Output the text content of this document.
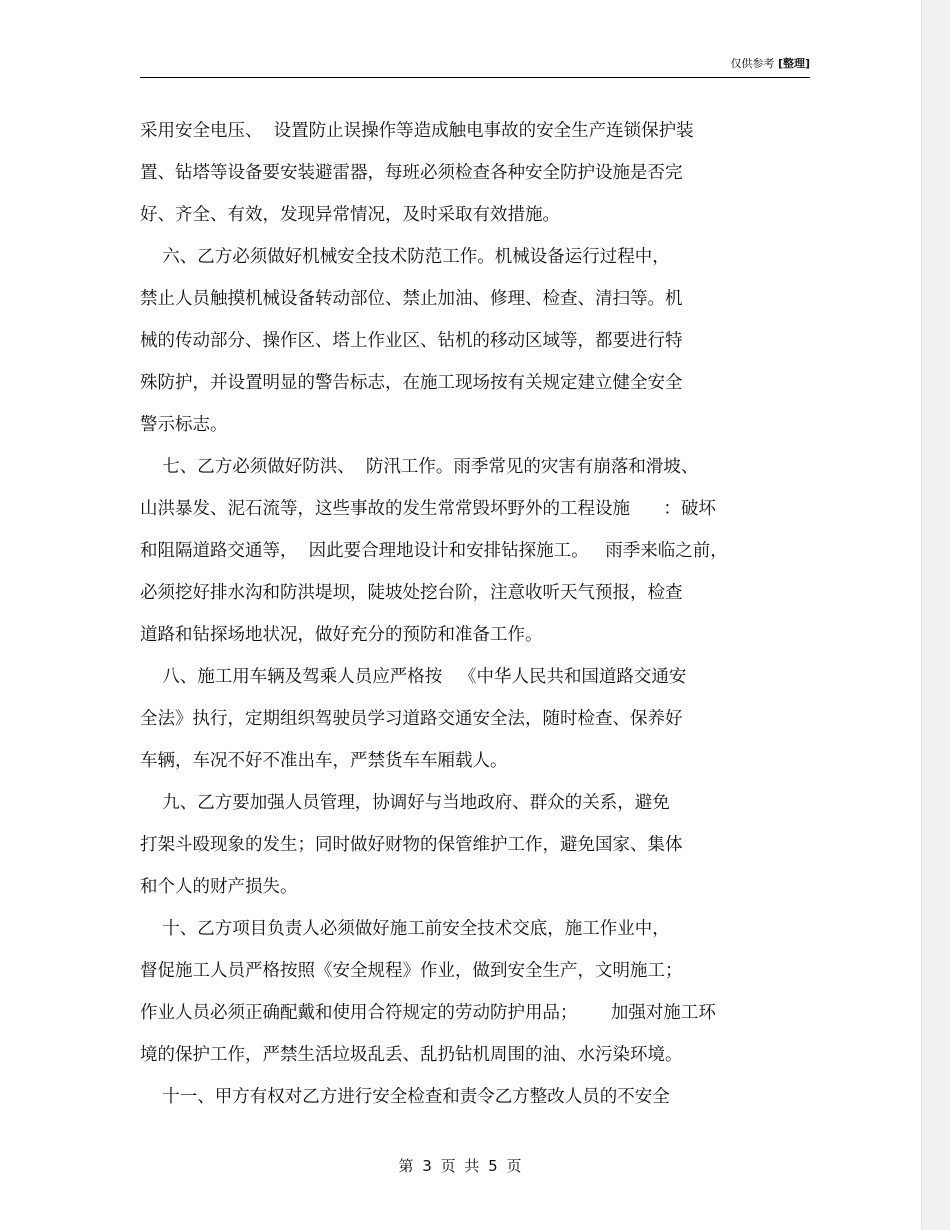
仅供参考 [整理]
采用安全电压、  设置防止误操作等造成触电事故的安全生产连锁保护装
置、钻塔等设备要安装避雷器，每班必须检查各种安全防护设施是否完
好、齐全、有效，发现异常情况，及时采取有效措施。
六、乙方必须做好机械安全技术防范工作。机械设备运行过程中，
禁止人员触摸机械设备转动部位、禁止加油、修理、检查、清扫等。机
械的传动部分、操作区、塔上作业区、钻机的移动区域等，都要进行特
殊防护，并设置明显的警告标志，在施工现场按有关规定建立健全安全
警示标志。
七、乙方必须做好防洪、  防汛工作。雨季常见的灾害有崩落和滑坡、
山洪暴发、泥石流等，这些事故的发生常常毁坏野外的工程设施      ：破坏
和阻隔道路交通等，  因此要合理地设计和安排钻探施工。   雨季来临之前，
必须挖好排水沟和防洪堤坝，陡坡处挖台阶，注意收听天气预报，检查
道路和钻探场地状况，做好充分的预防和准备工作。
八、施工用车辆及驾乘人员应严格按   《中华人民共和国道路交通安
全法》执行，定期组织驾驶员学习道路交通安全法，随时检查、保养好
车辆，车况不好不准出车，严禁货车车厢载人。
九、乙方要加强人员管理，协调好与当地政府、群众的关系，避免
打架斗殴现象的发生；同时做好财物的保管维护工作，避免国家、集体
和个人的财产损失。
十、乙方项目负责人必须做好施工前安全技术交底，施工作业中，
督促施工人员严格按照《安全规程》作业，做到安全生产，文明施工；
作业人员必须正确配戴和使用合符规定的劳动防护用品；      加强对施工环
境的保护工作，严禁生活垃圾乱丢、乱扔钻机周围的油、水污染环境。
十一、甲方有权对乙方进行安全检查和责令乙方整改人员的不安全
第 3 页 共 5 页
